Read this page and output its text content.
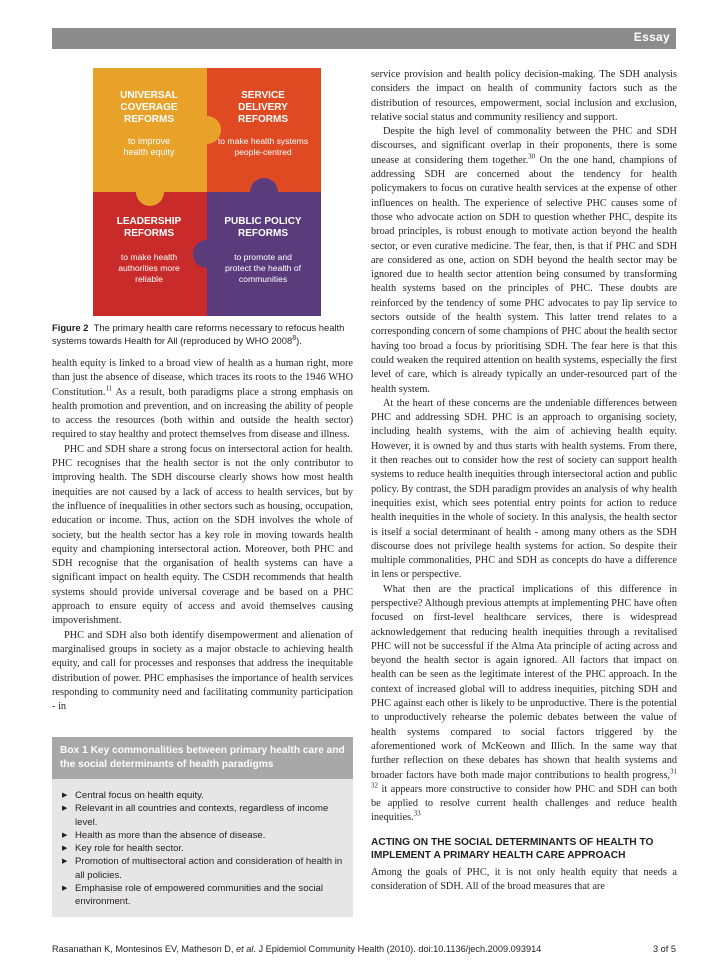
Essay
UNIVERSAL
COVERAGE
REFORMS
to improve
health equity
SERVICE
DELIVERY
REFORMS
to make health systems
people-centred
LEADERSHIP
REFORMS
to make health
authorities more
reliable
PUBLIC POLICY
REFORMS
to promote and
protect the health of
communities
Figure 2 The primary health care reforms necessary to refocus health systems towards Health for All (reproduced by WHO 2008$^8$).

health equity is linked to a broad view of health as a human right, more than just the absence of disease, which traces its roots to the 1946 WHO Constitution.$^{11}$ As a result, both paradigms place a strong emphasis on health promotion and prevention, and on increasing the ability of people to access the resources (both within and outside the health sector) required to stay healthy and protect themselves from disease and illness.

PHC and SDH share a strong focus on intersectoral action for health. PHC recognises that the health sector is not the only contributor to improving health. The SDH discourse clearly shows how most health inequities are not caused by a lack of access to health services, but by the influence of inequalities in other sectors such as housing, occupation, education or income. Thus, action on the SDH involves the whole of society, but the health sector has a key role in moving towards health equity and championing intersectoral action. Moreover, both PHC and SDH recognise that the organisation of health systems can have a significant impact on health equity. The CSDH recommends that health systems should provide universal coverage and be based on a PHC approach to ensure equity of access and avoid themselves causing impoverishment.

PHC and SDH also both identify disempowerment and alienation of marginalised groups in society as a major obstacle to achieving health equity, and call for processes and responses that address the inequitable distribution of power. PHC emphasises the importance of health services responding to community need and facilitating community participation - in

Box 1 Key commonalities between primary health care and the social determinants of health paradigms
▶ Central focus on health equity.
▶ Relevant in all countries and contexts, regardless of income level.
▶ Health as more than the absence of disease.
▶ Key role for health sector.
▶ Promotion of multisectoral action and consideration of health in all policies.
▶ Emphasise role of empowered communities and the social environment.

service provision and health policy decision-making. The SDH analysis considers the impact on health of community factors such as the distribution of resources, empowerment, social inclusion and exclusion, relative social status and community resiliency and support.

Despite the high level of commonality between the PHC and SDH discourses, and significant overlap in their proponents, there is some unease at considering them together.$^{30}$ On the one hand, champions of addressing SDH are concerned about the tendency for health policymakers to focus on curative health services at the expense of other influences on health. The experience of selective PHC causes some of those who advocate action on SDH to question whether PHC, despite its broad principles, is robust enough to motivate action beyond the health sector, or even curative medicine. The fear, then, is that if PHC and SDH are considered as one, action on SDH beyond the health sector may be ignored due to health sector attention being consumed by transforming health systems based on the principles of PHC. These doubts are reinforced by the tendency of some PHC advocates to pay lip service to sectors outside of the health system. This latter trend relates to a corresponding concern of some champions of PHC about the health sector having too broad a focus by prioritising SDH. The fear here is that this could weaken the required attention on health systems, especially the first level of care, which is already typically an under-resourced part of the health system.

At the heart of these concerns are the undeniable differences between PHC and addressing SDH. PHC is an approach to organising society, including health systems, with the aim of achieving health equity. However, it is owned by and thus starts with health systems. From there, it then reaches out to consider how the rest of society can support health systems to reduce health inequities through intersectoral action and public policy. By contrast, the SDH paradigm provides an analysis of why health inequities exist, which sees potential entry points for action to reduce health inequities in the whole of society. In this analysis, the health sector is itself a social determinant of health - among many others as the SDH discourse does not privilege health systems for action. So despite their multiple commonalities, PHC and SDH as concepts do have a difference in lens or perspective.

What then are the practical implications of this difference in perspective? Although previous attempts at implementing PHC have often focused on first-level healthcare services, there is widespread acknowledgement that reducing health inequities through a revitalised PHC will not be successful if the Alma Ata principle of acting across and beyond the health sector is again ignored. All factors that impact on health can be seen as the legitimate interest of the PHC approach. In the context of increased global will to address inequities, pitching SDH and PHC against each other is likely to be unproductive. There is the potential to unproductively rehearse the polemic debates between the value of health systems compared to social factors triggered by the aforementioned work of McKeown and Illich. In the same way that further reflection on these debates has shown that health systems and broader factors have both made major contributions to health progress,$^{31 32}$ it appears more constructive to consider how PHC and SDH can both be applied to resolve current health challenges and reduce health inequities.$^{33}$

ACTING ON THE SOCIAL DETERMINANTS OF HEALTH TO IMPLEMENT A PRIMARY HEALTH CARE APPROACH

Among the goals of PHC, it is not only health equity that needs a consideration of SDH. All of the broad measures that are

Rasanathan K, Montesinos EV, Matheson D, et al. J Epidemiol Community Health (2010). doi:10.1136/jech.2009.093914	3 of 5
